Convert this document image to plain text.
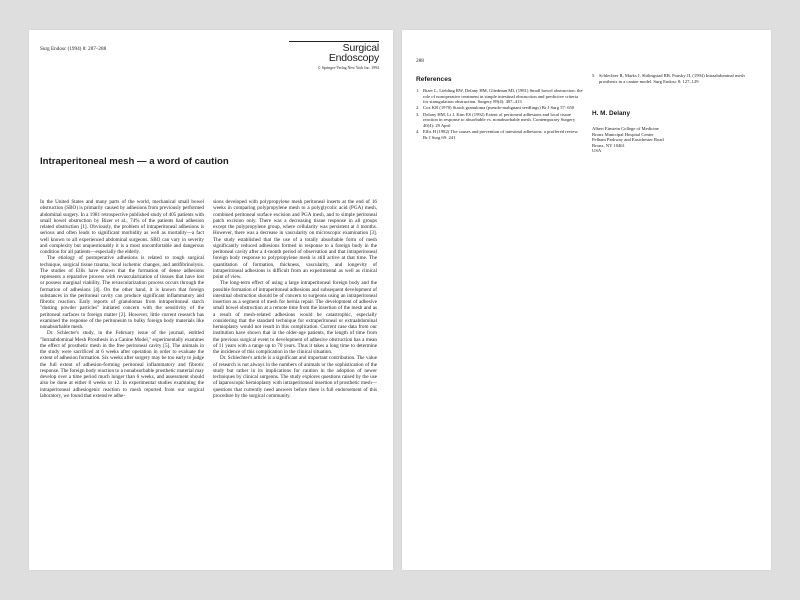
Surg Endosc (1994) 8: 287–288	Surgical
Endoscopy
© Springer-Verlag New York Inc. 1994
Intraperitoneal mesh — a word of caution

In the United States and many parts of the world, mechanical small bowel obstruction (SBO) is primarily caused by adhesions from previously performed abdominal surgery. In a 1981 retrospective published study of 405 patients with small bowel obstruction by Bizer et al., 74% of the patients had adhesion related obstruction [1]. Obviously, the problem of intraperitoneal adhesions is serious and often leads to significant morbidity as well as mortality—a fact well known to all experienced abdominal surgeons. SBO can vary in severity and complexity but unquestionably it is a most uncomfortable and dangerous condition for all patients—especially the elderly.

The etiology of postoperative adhesions is related to rough surgical technique, surgical tissue trauma, local ischemic changes, and antifibrinolysis. The studies of Ellis have shown that the formation of dense adhesions represents a reparative process with revascularization of tissues that have lost or possess marginal viability. The revascularization process occurs through the formation of adhesions [4]. On the other hand, it is known that foreign substances in the peritoneal cavity can produce significant inflammatory and fibrotic reaction. Early reports of granulomas from intraperitoneal starch "dusting powder particles" initiated concern with the sensitivity of the peritoneal surfaces to foreign matter [2]. However, little current research has examined the response of the peritoneum to bulky foreign body materials like nonabsorbable mesh.

Dr. Schlecter's study, in the February issue of the journal, entitled "Intraabdominal Mesh Prosthesis in a Canine Model," experimentally examines the effect of prosthetic mesh in the free peritoneal cavity [5]. The animals in the study were sacrificed at 6 weeks after operation in order to evaluate the extent of adhesion formation. Six weeks after surgery may be too early to judge the full extent of adhesion-forming peritoneal inflammatory and fibrotic response. The foreign body reaction to a nonabsorbable prosthetic material may develop over a time period much longer than 6 weeks, and assessment should also be done at either 8 weeks or 12. In experimental studies examining the intraperitoneal adhesiogenic reaction to mesh reported from our surgical laboratory, we found that extensive adhe-

sions developed with polypropylene mesh peritoneal inserts at the end of 16 weeks in comparing polypropylene mesh to a polyglycolic acid (PGA) mesh, combined peritoneal surface excision and PGA mesh, and to simple peritoneal patch excision only. There was a decreasing tissue response in all groups except the polypropylene group, where cellularity was persistent at 4 months. However, there was a decrease in vascularity on microscopic examination [3]. The study established that the use of a totally absorbable form of mesh significantly reduced adhesions formed in response to a foreign body in the peritoneal cavity after a 4-month period of observation and that intraperitoneal foreign body response to polypropylene mesh is still active at that time. The quantitation of formation, thickness, vascularity, and longevity of intraperitoneal adhesions is difficult from an experimental as well as clinical point of view.

The long-term effect of using a large intraperitoneal foreign body and the possible formation of intraperitoneal adhesions and subsequent development of intestinal obstruction should be of concern to surgeons using an intraperitoneal insertion as a segment of mesh for hernia repair. The development of adhesive small bowel obstruction at a remote time from the insertion of the mesh and as a result of mesh-related adhesions would be catastrophic, especially considering that the standard technique for extraperitoneal or extraabdominal hernioplasty would not result in this complication. Current case data from our institution have shown that in the older-age patients, the length of time from the previous surgical event to development of adhesive obstruction has a mean of 11 years with a range up to 70 years. Thus it takes a long time to determine the incidence of this complication in the clinical situation.

Dr. Schlechter's article is a significant and important contribution. The value of research is not always in the numbers of animals or the sophistication of the study but rather in its implications for caution in the adoption of newer techniques by clinical surgeons. The study explores questions raised by the use of laparoscopic hernioplasty with intraperitoneal insertion of prosthetic mesh—questions that currently need answers before there is full endorsement of this procedure by the surgical community.

288
References
1. Bizer L, Liebling RW, Delany HM, Gliedman ML (1981) Small bowel obstruction: the role of nonoperative treatment in simple intestinal obstruction and predictive criteria for strangulation obstruction. Surgery 89(4): 407–413
2. Cox KR (1970) Starch granuloma (pseudo-malignant seedlings) Br J Surg 57: 650
3. Delany HM, Li J, Kim ES (1992) Extent of peritoneal adhesions and local tissue reaction in response to absorbable vs. nonabsorbable mesh. Contemporary Surgery 40(4): 29 April
4. Ellis H (1982) The causes and prevention of intestinal adhesions: a proffered review. Br J Surg 69: 241
5. Schlechter B, Marks J, Shiltngstad RB, Ponsky JL (1994) Intraabdominal mesh prosthesis in a canine model. Surg Endosc 8: 127–129
H. M. Delany
Albert Einstein College of Medicine
Bronx Municipal Hospital Center
Pelham Parkway and Eastchester Road
Bronx, NY 10461
USA
